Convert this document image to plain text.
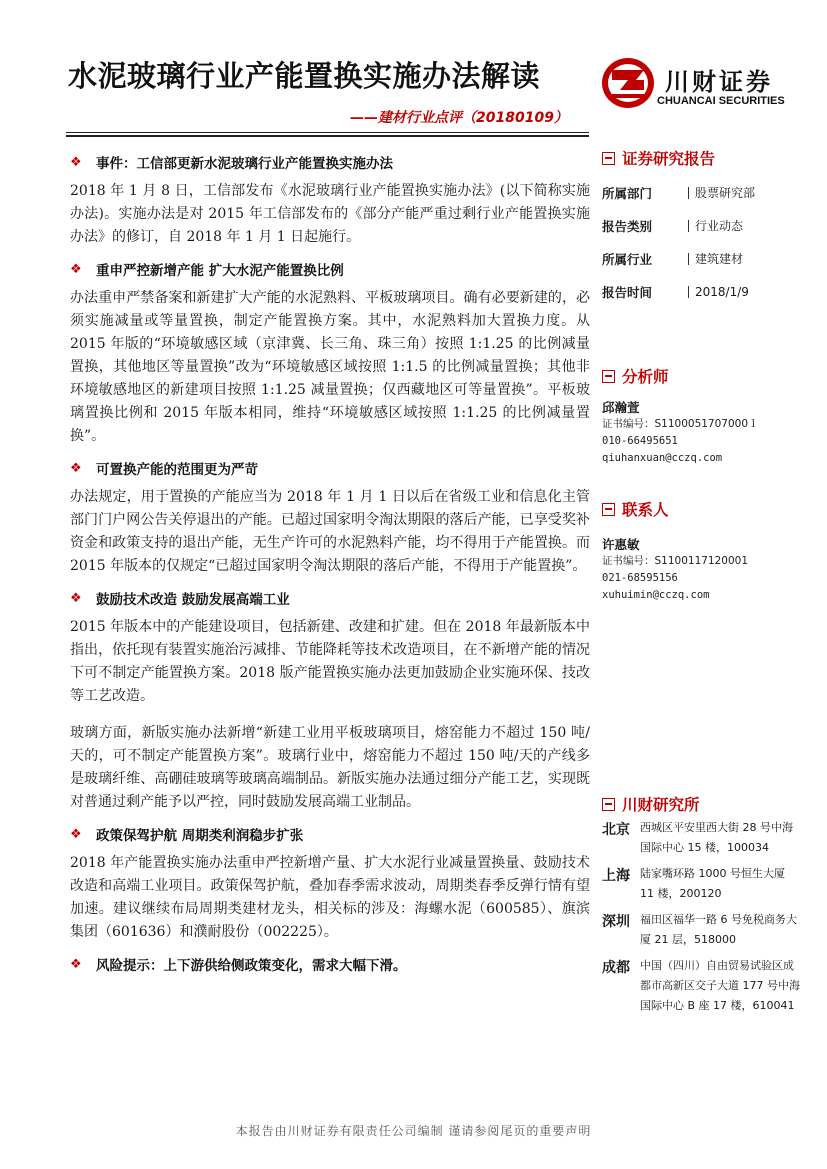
水泥玻璃行业产能置换实施办法解读
——建材行业点评（20180109）
川财证券
CHUANCAI SECURITIES
❖	事件：工信部更新水泥玻璃行业产能置换实施办法

2018 年 1 月 8 日，工信部发布《水泥玻璃行业产能置换实施办法》(以下简称实施办法)。实施办法是对 2015 年工信部发布的《部分产能严重过剩行业产能置换实施办法》的修订，自 2018 年 1 月 1 日起施行。

❖	重申严控新增产能 扩大水泥产能置换比例

办法重申严禁备案和新建扩大产能的水泥熟料、平板玻璃项目。确有必要新建的，必须实施减量或等量置换，制定产能置换方案。其中，水泥熟料加大置换力度。从 2015 年版的“环境敏感区域（京津冀、长三角、珠三角）按照 1:1.25 的比例减量置换，其他地区等量置换”改为“环境敏感区域按照 1:1.5 的比例减量置换；其他非环境敏感地区的新建项目按照 1:1.25 减量置换；仅西藏地区可等量置换”。平板玻璃置换比例和 2015 年版本相同，维持“环境敏感区域按照 1:1.25 的比例减量置换”。

❖	可置换产能的范围更为严苛

办法规定，用于置换的产能应当为 2018 年 1 月 1 日以后在省级工业和信息化主管部门门户网公告关停退出的产能。已超过国家明令淘汰期限的落后产能，已享受奖补资金和政策支持的退出产能，无生产许可的水泥熟料产能，均不得用于产能置换。而 2015 年版本的仅规定“已超过国家明令淘汰期限的落后产能，不得用于产能置换”。

❖	鼓励技术改造 鼓励发展高端工业

2015 年版本中的产能建设项目，包括新建、改建和扩建。但在 2018 年最新版本中指出，依托现有装置实施治污减排、节能降耗等技术改造项目，在不新增产能的情况下可不制定产能置换方案。2018 版产能置换实施办法更加鼓励企业实施环保、技改等工艺改造。

玻璃方面，新版实施办法新增“新建工业用平板玻璃项目，熔窑能力不超过 150 吨/天的，可不制定产能置换方案”。玻璃行业中，熔窑能力不超过 150 吨/天的产线多是玻璃纤维、高硼硅玻璃等玻璃高端制品。新版实施办法通过细分产能工艺，实现既对普通过剩产能予以严控，同时鼓励发展高端工业制品。

❖	政策保驾护航 周期类利润稳步扩张

2018 年产能置换实施办法重申严控新增产量、扩大水泥行业减量置换量、鼓励技术改造和高端工业项目。政策保驾护航，叠加春季需求波动，周期类春季反弹行情有望加速。建议继续布局周期类建材龙头，相关标的涉及：海螺水泥（600585）、旗滨集团（601636）和濮耐股份（002225）。

❖	风险提示：上下游供给侧政策变化，需求大幅下滑。
证券研究报告
所属部门	股票研究部
报告类别	行业动态
所属行业	建筑建材
报告时间	2018/1/9
分析师
邱瀚萱
证书编号：S1100051707000１
010-66495651
qiuhanxuan@cczq.com
联系人
许惠敏
证书编号：S1100117120001
021-68595156
xuhuimin@cczq.com
川财研究所
北京 西城区平安里西大街 28 号中海国际中心 15 楼，100034
上海 陆家嘴环路 1000 号恒生大厦 11 楼，200120
深圳 福田区福华一路 6 号免税商务大厦 21 层，518000
成都 中国（四川）自由贸易试验区成都市高新区交子大道 177 号中海国际中心 B 座 17 楼，610041
本报告由川财证券有限责任公司编制 谨请参阅尾页的重要声明
